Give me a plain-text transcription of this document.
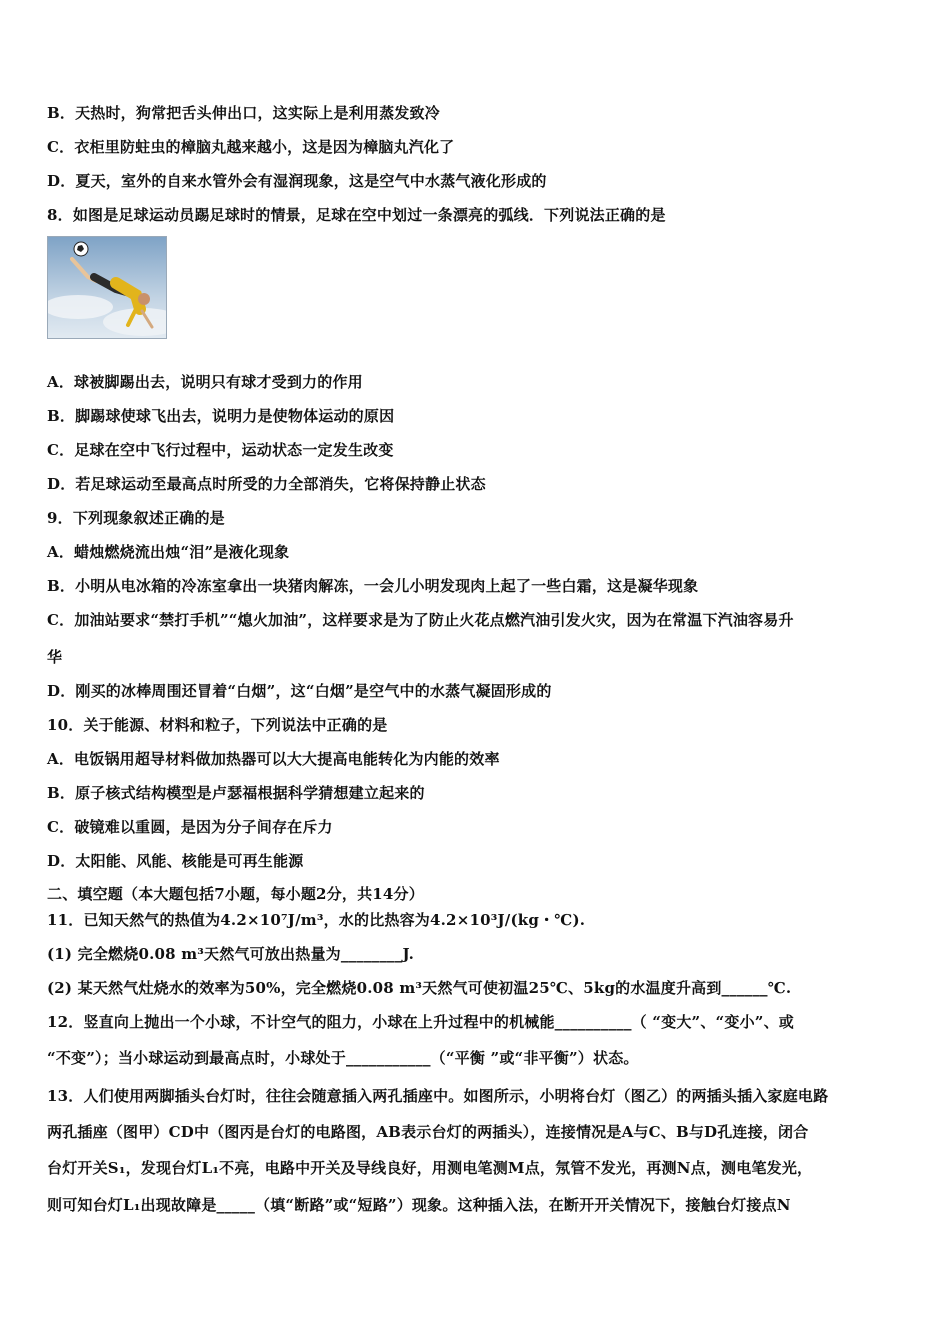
B．天热时，狗常把舌头伸出口，这实际上是利用蒸发致冷
C．衣柜里防蛀虫的樟脑丸越来越小，这是因为樟脑丸汽化了
D．夏天，室外的自来水管外会有湿润现象，这是空气中水蒸气液化形成的
8．如图是足球运动员踢足球时的情景，足球在空中划过一条漂亮的弧线．下列说法正确的是
A．球被脚踢出去，说明只有球才受到力的作用
B．脚踢球使球飞出去，说明力是使物体运动的原因
C．足球在空中飞行过程中，运动状态一定发生改变
D．若足球运动至最高点时所受的力全部消失，它将保持静止状态
9．下列现象叙述正确的是
A．蜡烛燃烧流出烛“泪”是液化现象
B．小明从电冰箱的冷冻室拿出一块猪肉解冻，一会儿小明发现肉上起了一些白霜，这是凝华现象
C．加油站要求“禁打手机”“熄火加油”，这样要求是为了防止火花点燃汽油引发火灾，因为在常温下汽油容易升
华
D．刚买的冰棒周围还冒着“白烟”，这“白烟”是空气中的水蒸气凝固形成的
10．关于能源、材料和粒子，下列说法中正确的是
A．电饭锅用超导材料做加热器可以大大提高电能转化为内能的效率
B．原子核式结构模型是卢瑟福根据科学猜想建立起来的
C．破镜难以重圆，是因为分子间存在斥力
D．太阳能、风能、核能是可再生能源
二、填空题（本大题包括7小题，每小题2分，共14分）
11．已知天然气的热值为4.2×10⁷J/m³，水的比热容为4.2×10³J/(kg・℃).
(1) 完全燃烧0.08 m³天然气可放出热量为________J.
(2) 某天然气灶烧水的效率为50%，完全燃烧0.08 m³天然气可使初温25℃、5kg的水温度升高到______℃.
12．竖直向上抛出一个小球，不计空气的阻力，小球在上升过程中的机械能__________（ “变大”、“变小”、或
“不变”）；当小球运动到最高点时，小球处于___________（“平衡 ”或“非平衡”）状态。
13．人们使用两脚插头台灯时，往往会随意插入两孔插座中。如图所示，小明将台灯（图乙）的两插头插入家庭电路
两孔插座（图甲）CD中（图丙是台灯的电路图，AB表示台灯的两插头），连接情况是A与C、B与D孔连接，闭合
台灯开关S₁，发现台灯L₁不亮，电路中开关及导线良好，用测电笔测M点，氖管不发光，再测N点，测电笔发光，
则可知台灯L₁出现故障是_____（填“断路”或“短路”）现象。这种插入法，在断开开关情况下，接触台灯接点N
